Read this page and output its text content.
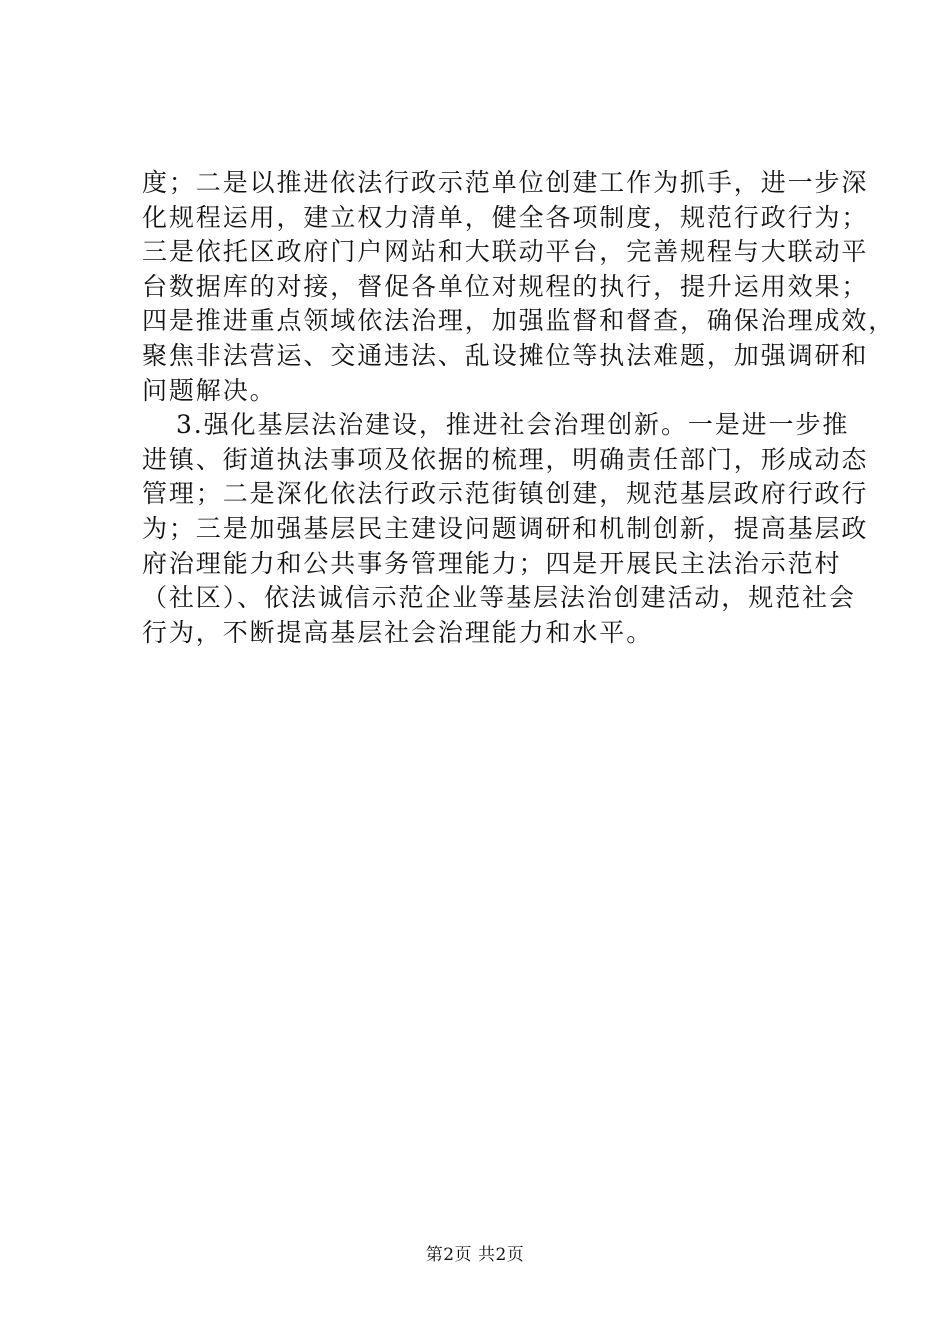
度；二是以推进依法行政示范单位创建工作为抓手，进一步深
化规程运用，建立权力清单，健全各项制度，规范行政行为；
三是依托区政府门户网站和大联动平台，完善规程与大联动平
台数据库的对接，督促各单位对规程的执行，提升运用效果；
四是推进重点领域依法治理，加强监督和督查，确保治理成效，
聚焦非法营运、交通违法、乱设摊位等执法难题，加强调研和
问题解决。
3.强化基层法治建设，推进社会治理创新。一是进一步推
进镇、街道执法事项及依据的梳理，明确责任部门，形成动态
管理；二是深化依法行政示范街镇创建，规范基层政府行政行
为；三是加强基层民主建设问题调研和机制创新，提高基层政
府治理能力和公共事务管理能力；四是开展民主法治示范村
（社区）、依法诚信示范企业等基层法治创建活动，规范社会
行为，不断提高基层社会治理能力和水平。
第2页 共2页
